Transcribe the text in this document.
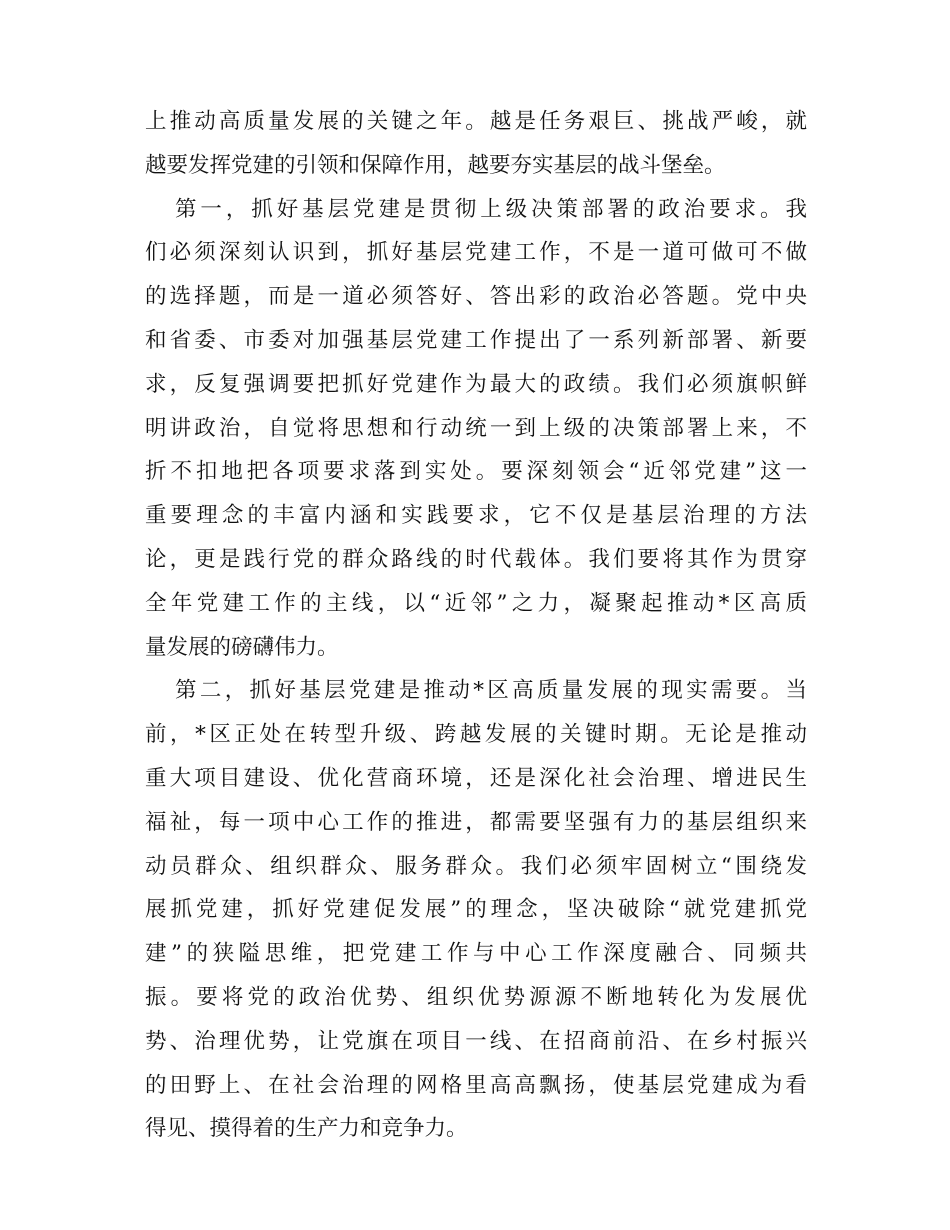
上推动高质量发展的关键之年。越是任务艰巨、挑战严峻，就
越要发挥党建的引领和保障作用，越要夯实基层的战斗堡垒。
第一，抓好基层党建是贯彻上级决策部署的政治要求。我
们必须深刻认识到，抓好基层党建工作，不是一道可做可不做
的选择题，而是一道必须答好、答出彩的政治必答题。党中央
和省委、市委对加强基层党建工作提出了一系列新部署、新要
求，反复强调要把抓好党建作为最大的政绩。我们必须旗帜鲜
明讲政治，自觉将思想和行动统一到上级的决策部署上来，不
折不扣地把各项要求落到实处。要深刻领会“近邻党建”这一
重要理念的丰富内涵和实践要求，它不仅是基层治理的方法
论，更是践行党的群众路线的时代载体。我们要将其作为贯穿
全年党建工作的主线，以“近邻”之力，凝聚起推动*区高质
量发展的磅礴伟力。
第二，抓好基层党建是推动*区高质量发展的现实需要。当
前，*区正处在转型升级、跨越发展的关键时期。无论是推动
重大项目建设、优化营商环境，还是深化社会治理、增进民生
福祉，每一项中心工作的推进，都需要坚强有力的基层组织来
动员群众、组织群众、服务群众。我们必须牢固树立“围绕发
展抓党建，抓好党建促发展”的理念，坚决破除“就党建抓党
建”的狭隘思维，把党建工作与中心工作深度融合、同频共
振。要将党的政治优势、组织优势源源不断地转化为发展优
势、治理优势，让党旗在项目一线、在招商前沿、在乡村振兴
的田野上、在社会治理的网格里高高飘扬，使基层党建成为看
得见、摸得着的生产力和竞争力。
